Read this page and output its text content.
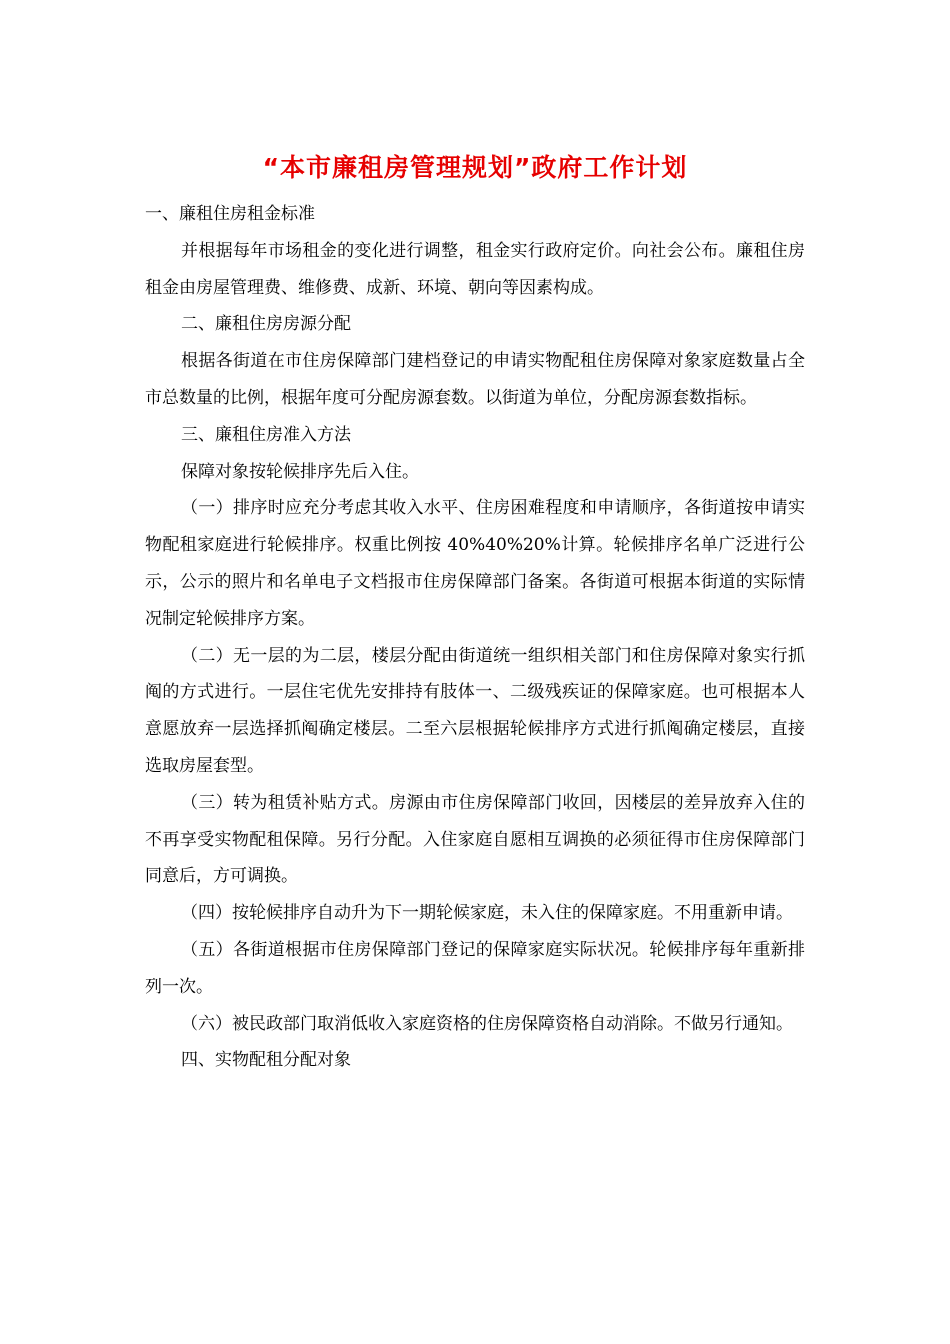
“本市廉租房管理规划”政府工作计划

一、廉租住房租金标准

并根据每年市场租金的变化进行调整，租金实行政府定价。向社会公布。廉租住房租金由房屋管理费、维修费、成新、环境、朝向等因素构成。

二、廉租住房房源分配

根据各街道在市住房保障部门建档登记的申请实物配租住房保障对象家庭数量占全市总数量的比例，根据年度可分配房源套数。以街道为单位，分配房源套数指标。

三、廉租住房准入方法

保障对象按轮候排序先后入住。

（一）排序时应充分考虑其收入水平、住房困难程度和申请顺序，各街道按申请实物配租家庭进行轮候排序。权重比例按 40%40%20%计算。轮候排序名单广泛进行公示，公示的照片和名单电子文档报市住房保障部门备案。各街道可根据本街道的实际情况制定轮候排序方案。

（二）无一层的为二层，楼层分配由街道统一组织相关部门和住房保障对象实行抓阄的方式进行。一层住宅优先安排持有肢体一、二级残疾证的保障家庭。也可根据本人意愿放弃一层选择抓阄确定楼层。二至六层根据轮候排序方式进行抓阄确定楼层，直接选取房屋套型。

（三）转为租赁补贴方式。房源由市住房保障部门收回，因楼层的差异放弃入住的不再享受实物配租保障。另行分配。入住家庭自愿相互调换的必须征得市住房保障部门同意后，方可调换。

（四）按轮候排序自动升为下一期轮候家庭，未入住的保障家庭。不用重新申请。

（五）各街道根据市住房保障部门登记的保障家庭实际状况。轮候排序每年重新排列一次。

（六）被民政部门取消低收入家庭资格的住房保障资格自动消除。不做另行通知。

四、实物配租分配对象
